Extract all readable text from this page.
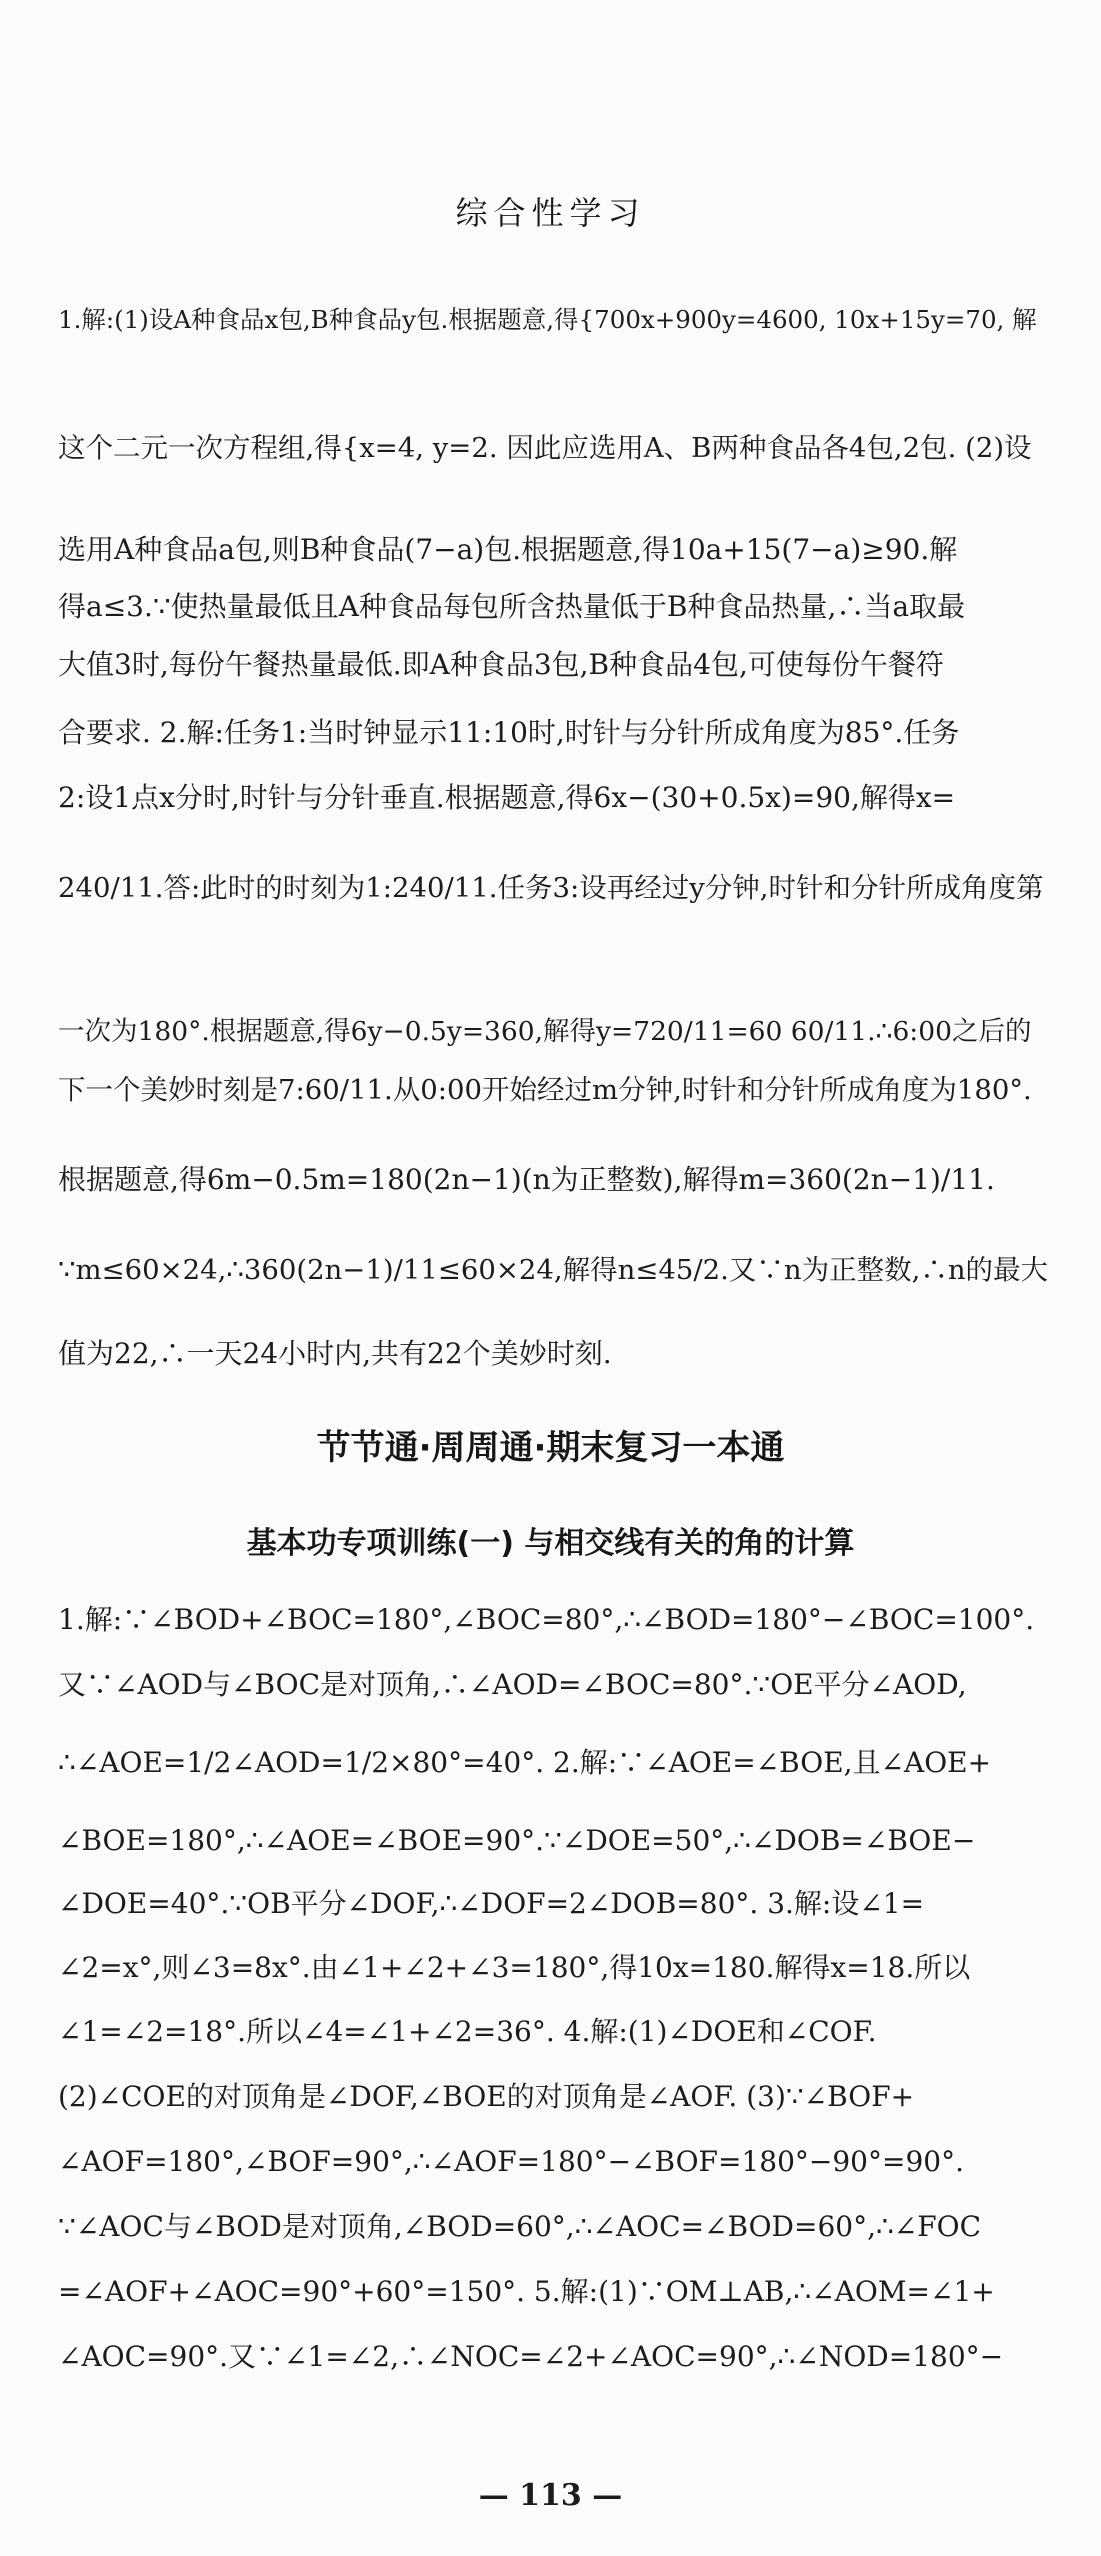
综合性学习
1.解:(1)设A种食品x包,B种食品y包.根据题意,得{700x+900y=4600, 10x+15y=70, 解
这个二元一次方程组,得{x=4, y=2. 因此应选用A、B两种食品各4包,2包. (2)设
选用A种食品a包,则B种食品(7−a)包.根据题意,得10a+15(7−a)≥90.解
得a≤3.∵使热量最低且A种食品每包所含热量低于B种食品热量,∴当a取最
大值3时,每份午餐热量最低.即A种食品3包,B种食品4包,可使每份午餐符
合要求. 2.解:任务1:当时钟显示11:10时,时针与分针所成角度为85°.任务
2:设1点x分时,时针与分针垂直.根据题意,得6x−(30+0.5x)=90,解得x=
240/11.答:此时的时刻为1:240/11.任务3:设再经过y分钟,时针和分针所成角度第
一次为180°.根据题意,得6y−0.5y=360,解得y=720/11=60 60/11.∴6:00之后的
下一个美妙时刻是7:60/11.从0:00开始经过m分钟,时针和分针所成角度为180°.
根据题意,得6m−0.5m=180(2n−1)(n为正整数),解得m=360(2n−1)/11.
∵m≤60×24,∴360(2n−1)/11≤60×24,解得n≤45/2.又∵n为正整数,∴n的最大
值为22,∴一天24小时内,共有22个美妙时刻.
节节通·周周通·期末复习一本通
基本功专项训练(一) 与相交线有关的角的计算
1.解:∵∠BOD+∠BOC=180°,∠BOC=80°,∴∠BOD=180°−∠BOC=100°.
又∵∠AOD与∠BOC是对顶角,∴∠AOD=∠BOC=80°.∵OE平分∠AOD,
∴∠AOE=1/2∠AOD=1/2×80°=40°. 2.解:∵∠AOE=∠BOE,且∠AOE+
∠BOE=180°,∴∠AOE=∠BOE=90°.∵∠DOE=50°,∴∠DOB=∠BOE−
∠DOE=40°.∵OB平分∠DOF,∴∠DOF=2∠DOB=80°. 3.解:设∠1=
∠2=x°,则∠3=8x°.由∠1+∠2+∠3=180°,得10x=180.解得x=18.所以
∠1=∠2=18°.所以∠4=∠1+∠2=36°. 4.解:(1)∠DOE和∠COF.
(2)∠COE的对顶角是∠DOF,∠BOE的对顶角是∠AOF. (3)∵∠BOF+
∠AOF=180°,∠BOF=90°,∴∠AOF=180°−∠BOF=180°−90°=90°.
∵∠AOC与∠BOD是对顶角,∠BOD=60°,∴∠AOC=∠BOD=60°,∴∠FOC
=∠AOF+∠AOC=90°+60°=150°. 5.解:(1)∵OM⊥AB,∴∠AOM=∠1+
∠AOC=90°.又∵∠1=∠2,∴∠NOC=∠2+∠AOC=90°,∴∠NOD=180°−
— 113 —
